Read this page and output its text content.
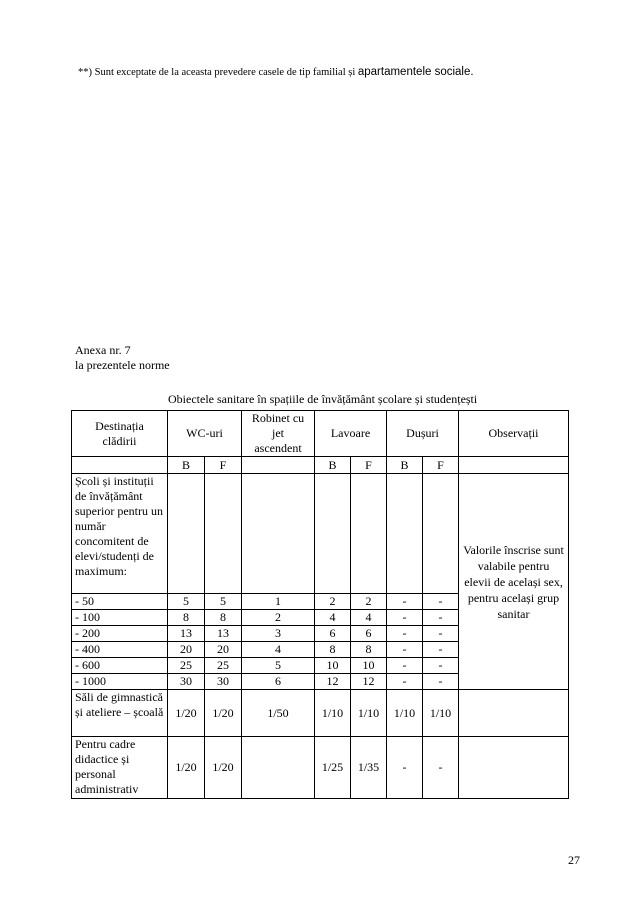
**) Sunt exceptate de la aceasta prevedere casele de tip familial și apartamentele sociale.
Anexa nr. 7
la prezentele norme
Obiectele sanitare în spațiile de învățământ școlare și studențești
Destinația clădirii	WC-uri		Robinet cu jet ascendent	Lavoare		Dușuri		Observații
	B	F		B	F	B	F	
Școli și instituții de învățământ superior pentru un număr concomitent de elevi/studenți de maximum:								Valorile înscrise sunt valabile pentru elevii de același sex, pentru același grup sanitar
- 50	5	5	1	2	2	-	-	
- 100	8	8	2	4	4	-	-	
- 200	13	13	3	6	6	-	-	
- 400	20	20	4	8	8	-	-	
- 600	25	25	5	10	10	-	-	
- 1000	30	30	6	12	12	-	-	
Săli de gimnastică și ateliere – școală	1/20	1/20	1/50	1/10	1/10	1/10	1/10	
Pentru cadre didactice și personal administrativ	1/20	1/20		1/25	1/35	-	-	
27
